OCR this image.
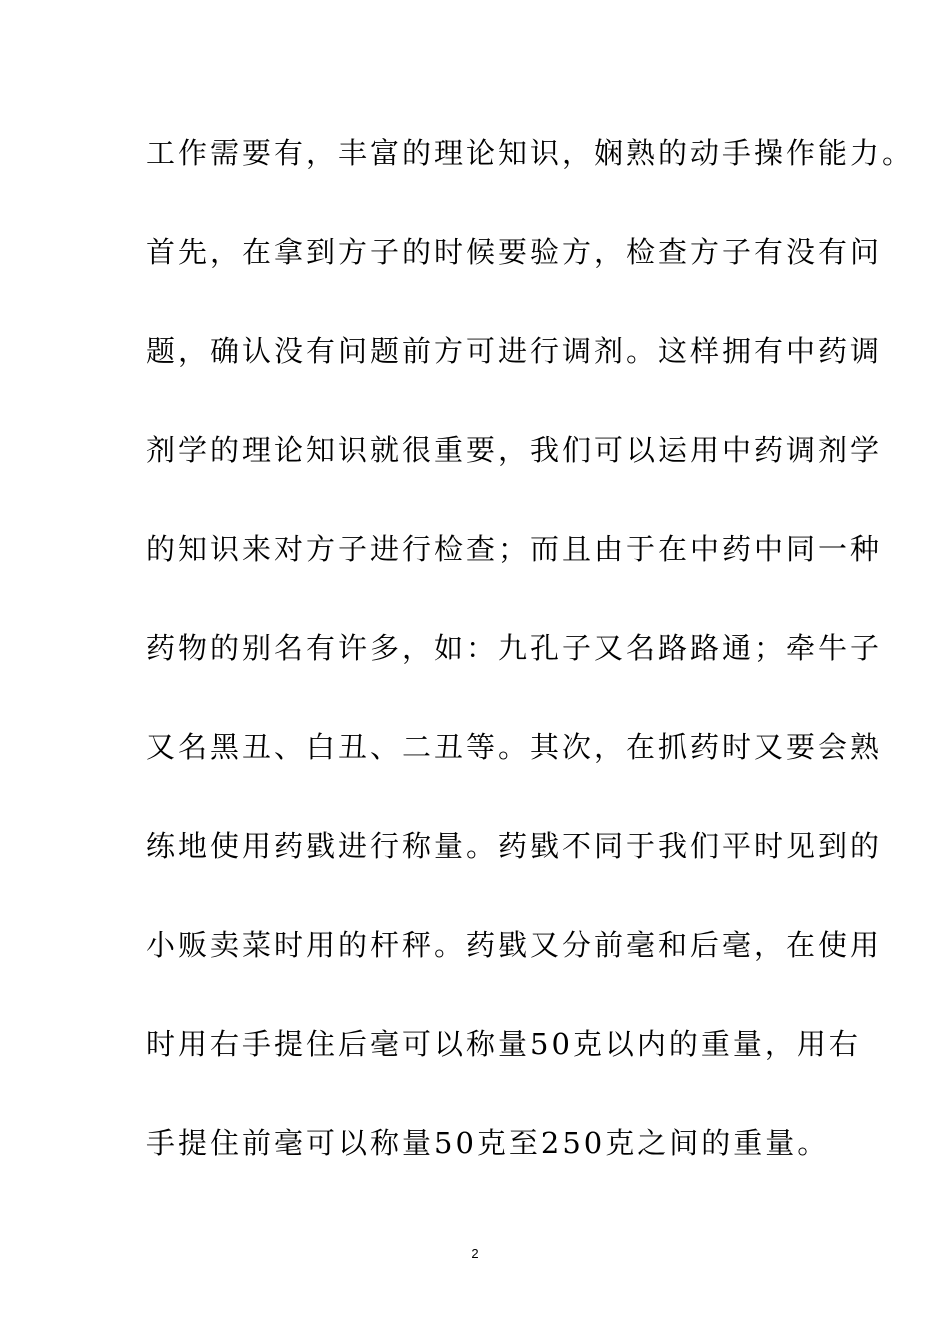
工作需要有，丰富的理论知识，娴熟的动手操作能力。
首先，在拿到方子的时候要验方，检查方子有没有问
题，确认没有问题前方可进行调剂。这样拥有中药调
剂学的理论知识就很重要，我们可以运用中药调剂学
的知识来对方子进行检查；而且由于在中药中同一种
药物的别名有许多，如：九孔子又名路路通；牵牛子
又名黑丑、白丑、二丑等。其次，在抓药时又要会熟
练地使用药戥进行称量。药戥不同于我们平时见到的
小贩卖菜时用的杆秤。药戥又分前毫和后毫，在使用
时用右手提住后毫可以称量50克以内的重量，用右
手提住前毫可以称量50克至250克之间的重量。
2
